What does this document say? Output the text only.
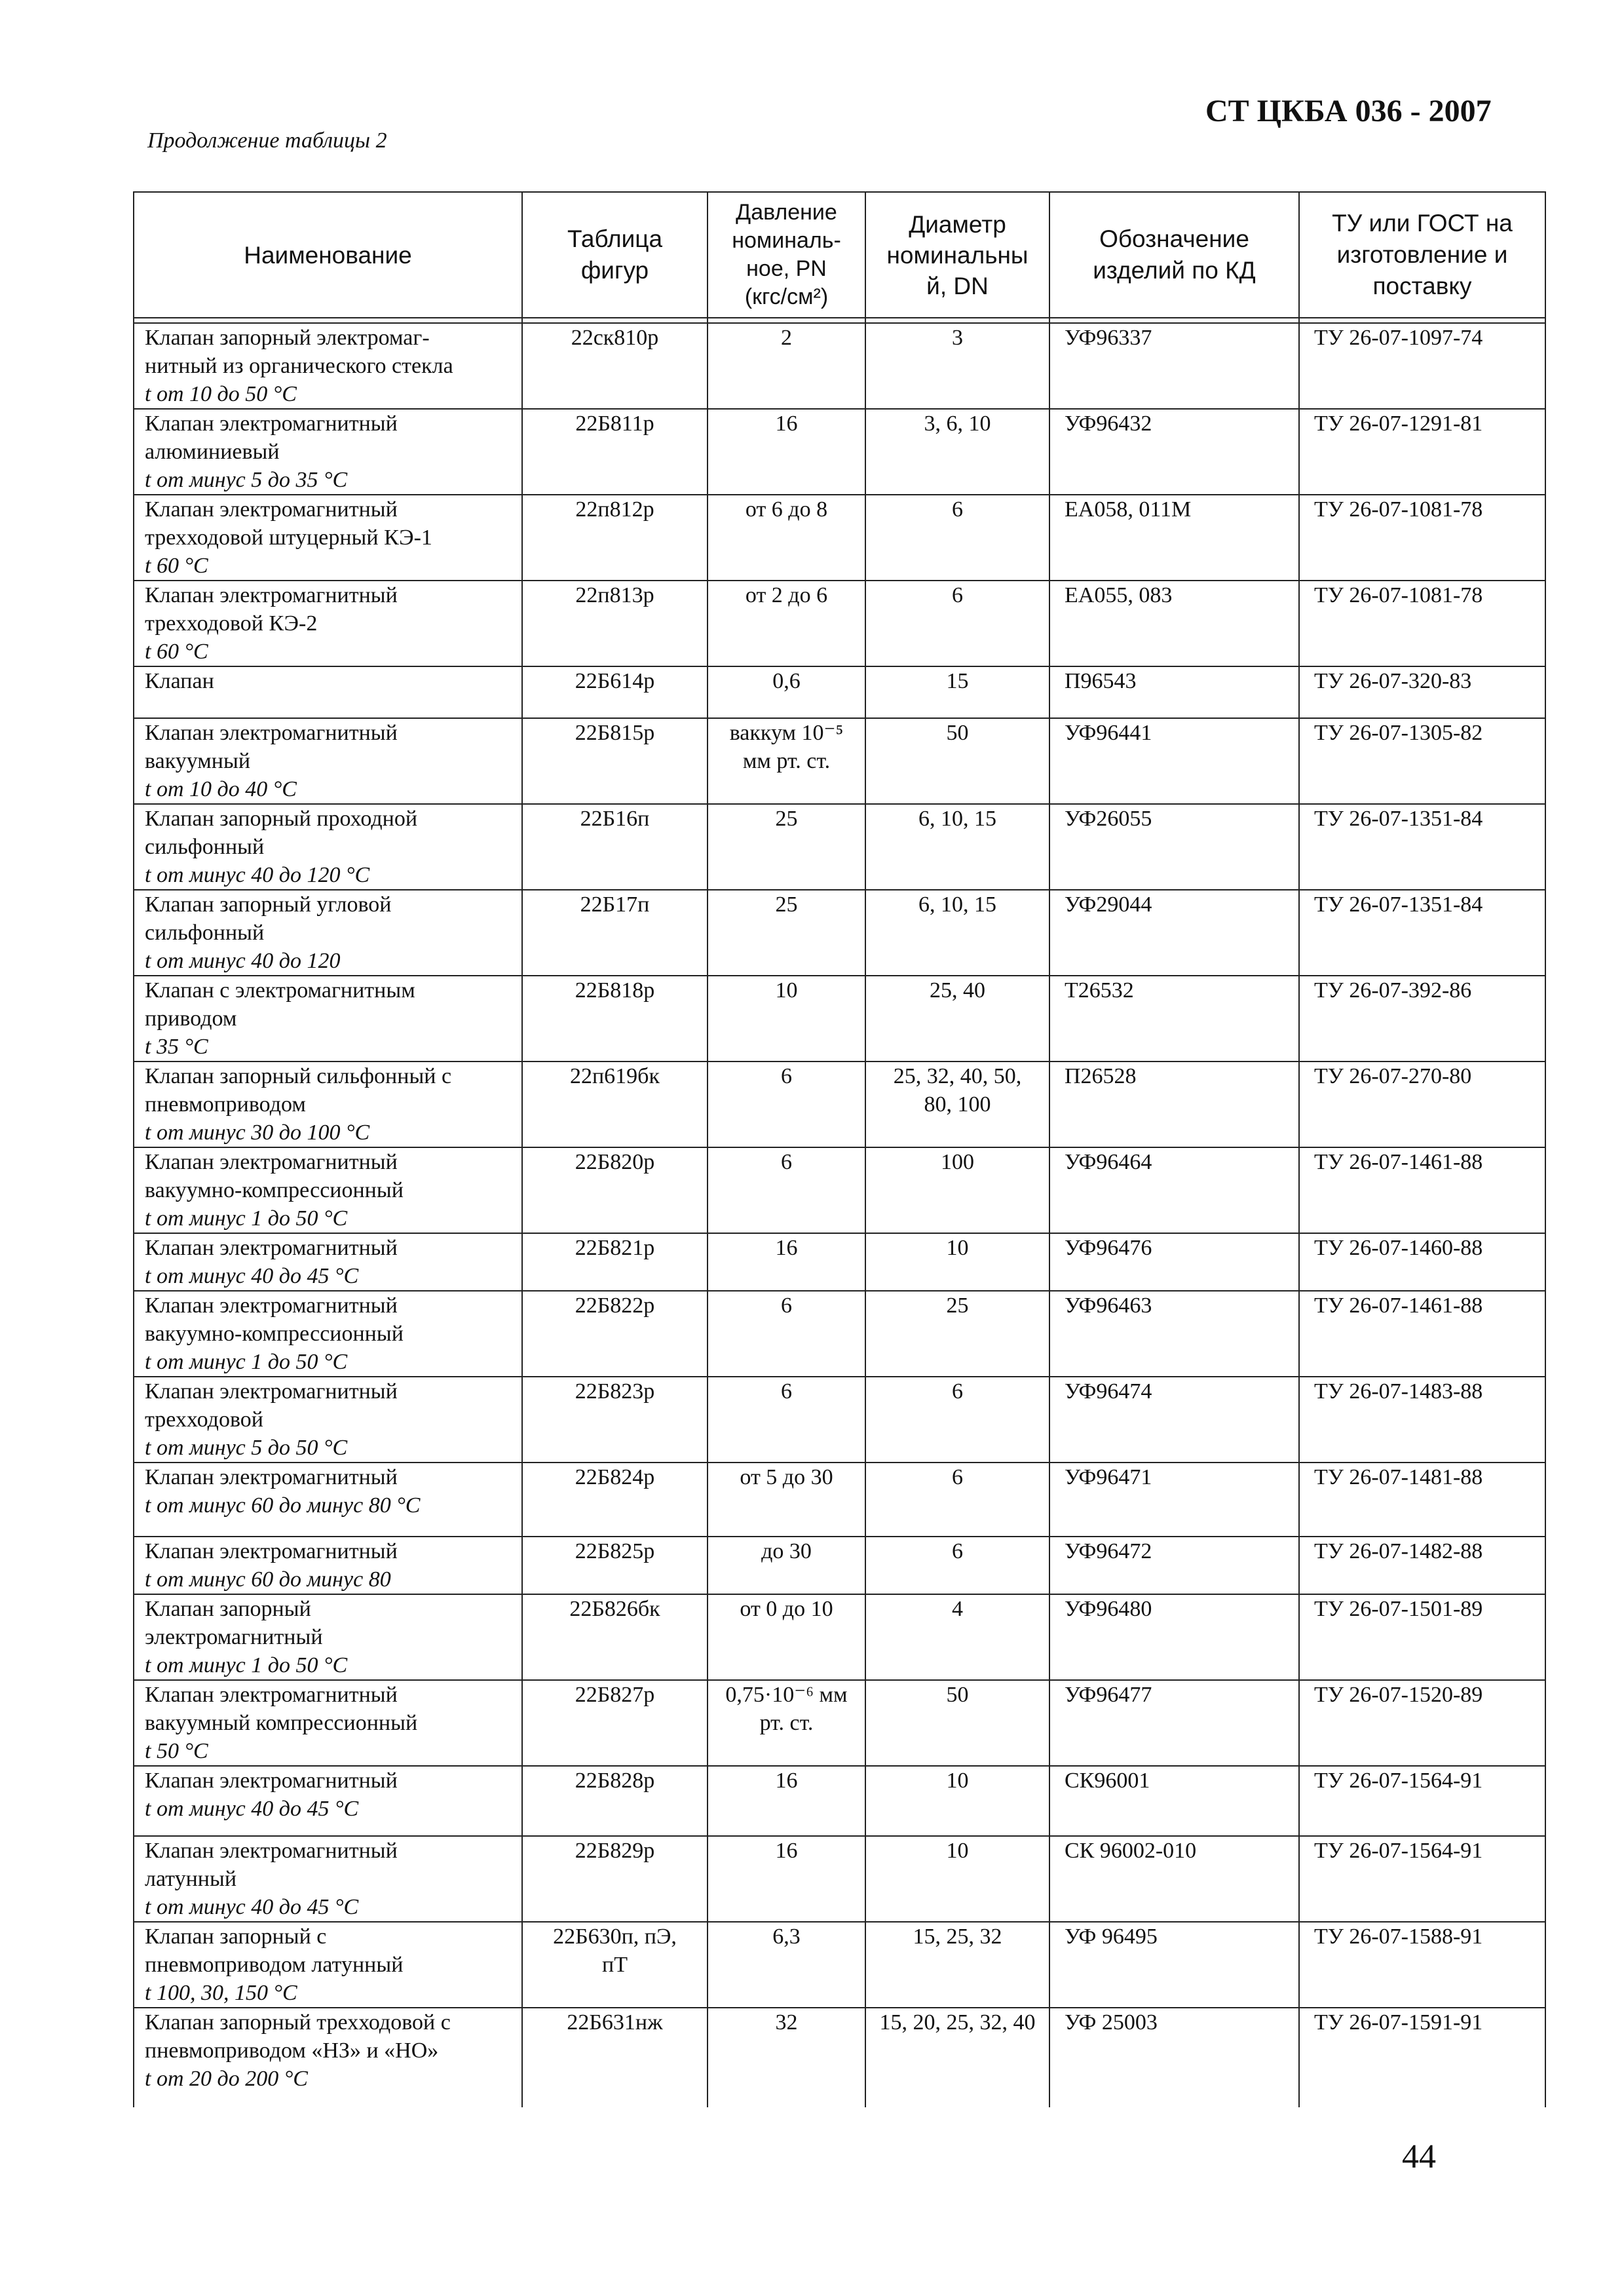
СТ ЦКБА 036 - 2007
Продолжение таблицы 2
Наименование	Таблица фигур	Давление номиналь-ное, PN (кгс/см²)	Диаметр номинальны й, DN	Обозначение изделий по КД	ТУ или ГОСТ на изготовление и поставку

Клапан запорный электромаг-
нитный из органического стекла
t от 10 до 50 °С	22ск810р	2	3	УФ96337	ТУ 26-07-1097-74

Клапан электромагнитный
алюминиевый
t от минус 5 до 35 °С	22Б811р	16	3, 6, 10	УФ96432	ТУ 26-07-1291-81

Клапан электромагнитный
трехходовой штуцерный КЭ-1
t 60 °С	22п812р	от 6 до 8	6	ЕА058, 011М	ТУ 26-07-1081-78

Клапан электромагнитный
трехходовой КЭ-2
t 60 °С	22п813р	от 2 до 6	6	ЕА055, 083	ТУ 26-07-1081-78

Клапан	22Б614р	0,6	15	П96543	ТУ 26-07-320-83

Клапан электромагнитный
вакуумный
t от 10 до 40 °С	22Б815р	ваккум 10⁻⁵ мм рт. ст.	50	УФ96441	ТУ 26-07-1305-82

Клапан запорный проходной
сильфонный
t от минус 40 до 120 °С	22Б16п	25	6, 10, 15	УФ26055	ТУ 26-07-1351-84

Клапан запорный угловой
сильфонный
t от минус 40 до 120	22Б17п	25	6, 10, 15	УФ29044	ТУ 26-07-1351-84

Клапан с электромагнитным
приводом
t 35 °С	22Б818р	10	25, 40	Т26532	ТУ 26-07-392-86

Клапан запорный сильфонный с
пневмоприводом
t от минус 30 до 100 °С	22п619бк	6	25, 32, 40, 50, 80, 100	П26528	ТУ 26-07-270-80

Клапан электромагнитный
вакуумно-компрессионный
t от минус 1 до 50 °С	22Б820р	6	100	УФ96464	ТУ 26-07-1461-88

Клапан электромагнитный
t от минус 40 до 45 °С	22Б821р	16	10	УФ96476	ТУ 26-07-1460-88

Клапан электромагнитный
вакуумно-компрессионный
t от минус 1 до 50 °С	22Б822р	6	25	УФ96463	ТУ 26-07-1461-88

Клапан электромагнитный
трехходовой
t от минус 5 до 50 °С	22Б823р	6	6	УФ96474	ТУ 26-07-1483-88

Клапан электромагнитный
t от минус 60 до минус 80 °С	22Б824р	от 5 до 30	6	УФ96471	ТУ 26-07-1481-88

Клапан электромагнитный
t от минус 60 до минус 80	22Б825р	до 30	6	УФ96472	ТУ 26-07-1482-88

Клапан запорный
электромагнитный
t от минус 1 до 50 °С	22Б826бк	от 0 до 10	4	УФ96480	ТУ 26-07-1501-89

Клапан электромагнитный
вакуумный компрессионный
t 50 °С	22Б827р	0,75·10⁻⁶ мм рт. ст.	50	УФ96477	ТУ 26-07-1520-89

Клапан электромагнитный
t от минус 40 до 45 °С	22Б828р	16	10	СК96001	ТУ 26-07-1564-91

Клапан электромагнитный
латунный
t от минус 40 до 45 °С	22Б829р	16	10	СК 96002-010	ТУ 26-07-1564-91

Клапан запорный с
пневмоприводом латунный
t 100, 30, 150 °С	22Б630п, пЭ, пТ	6,3	15, 25, 32	УФ 96495	ТУ 26-07-1588-91

Клапан запорный трехходовой с
пневмоприводом «НЗ» и «НО»
t от 20 до 200 °С	22Б631нж	32	15, 20, 25, 32, 40	УФ 25003	ТУ 26-07-1591-91
44
